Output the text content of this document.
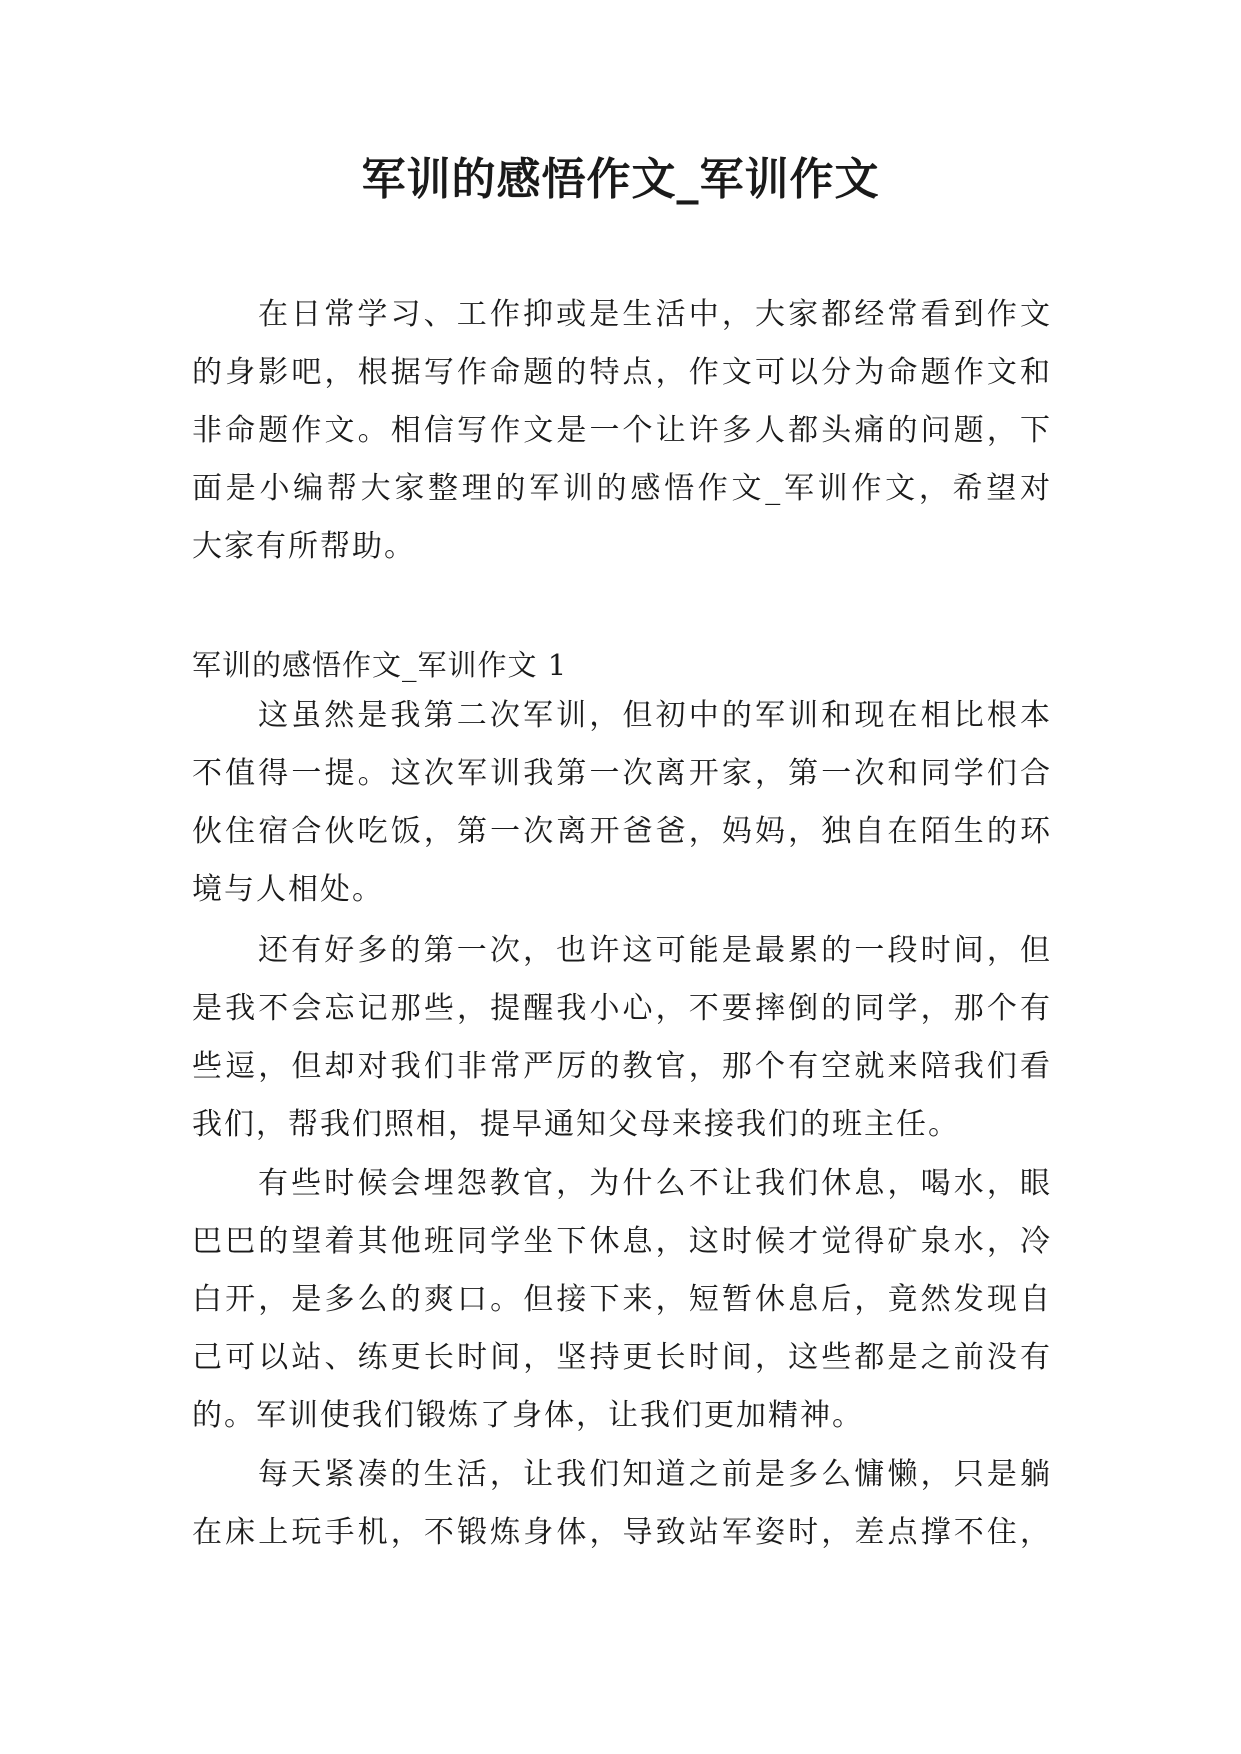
军训的感悟作文_军训作文
在日常学习、工作抑或是生活中，大家都经常看到作文
的身影吧，根据写作命题的特点，作文可以分为命题作文和
非命题作文。相信写作文是一个让许多人都头痛的问题，下
面是小编帮大家整理的军训的感悟作文_军训作文，希望对
大家有所帮助。
军训的感悟作文_军训作文 1
这虽然是我第二次军训，但初中的军训和现在相比根本
不值得一提。这次军训我第一次离开家，第一次和同学们合
伙住宿合伙吃饭，第一次离开爸爸，妈妈，独自在陌生的环
境与人相处。
还有好多的第一次，也许这可能是最累的一段时间，但
是我不会忘记那些，提醒我小心，不要摔倒的同学，那个有
些逗，但却对我们非常严厉的教官，那个有空就来陪我们看
我们，帮我们照相，提早通知父母来接我们的班主任。
有些时候会埋怨教官，为什么不让我们休息，喝水，眼
巴巴的望着其他班同学坐下休息，这时候才觉得矿泉水，冷
白开，是多么的爽口。但接下来，短暂休息后，竟然发现自
己可以站、练更长时间，坚持更长时间，这些都是之前没有
的。军训使我们锻炼了身体，让我们更加精神。
每天紧凑的生活，让我们知道之前是多么慵懒，只是躺
在床上玩手机，不锻炼身体，导致站军姿时，差点撑不住，
